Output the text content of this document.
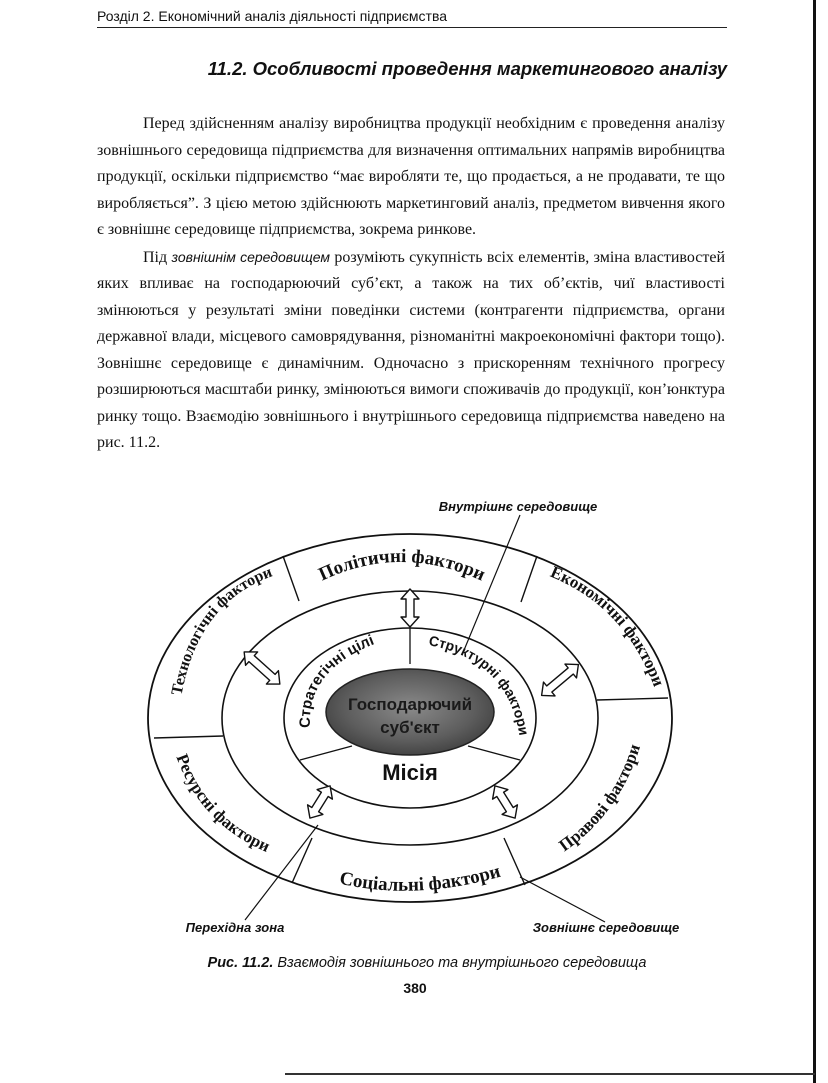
Розділ 2. Економічний аналіз діяльності підприємства
11.2. Особливості проведення маркетингового аналізу

Перед здійсненням аналізу виробництва продукції необхідним є проведення аналізу зовнішнього середовища підприємства для визначення оптимальних напрямів виробництва продукції, оскільки підприємство “має виробляти те, що продається, а не продавати, те що виробляється”. З цією метою здійснюють маркетинговий аналіз, предметом вивчення якого є зовнішнє середовище підприємства, зокрема ринкове.

Під зовнішнім середовищем розуміють сукупність всіх елементів, зміна властивостей яких впливає на господарюючий суб’єкт, а також на тих об’єктів, чиї властивості змінюються у результаті зміни поведінки системи (контрагенти підприємства, органи державної влади, місцевого самоврядування, різноманітні макроекономічні фактори тощо). Зовнішнє середовище є динамічним. Одночасно з прискоренням технічного прогресу розширюються масштаби ринку, змінюються вимоги споживачів до продукції, кон’юнктура ринку тощо. Взаємодію зовнішнього і внутрішнього середовища підприємства наведено на рис. 11.2.

Господарючий
суб'єкт
Місія
Стратегічні цілі	Структурні фактори
Політичні фактори	Економічні фактори
Правові фактори
Соціальні фактори
Ресурсні фактори
Технологічні фактори
Внутрішнє середовище
Перехідна зона	Зовнішнє середовище
Рис. 11.2. Взаємодія зовнішнього та внутрішнього середовища
380
